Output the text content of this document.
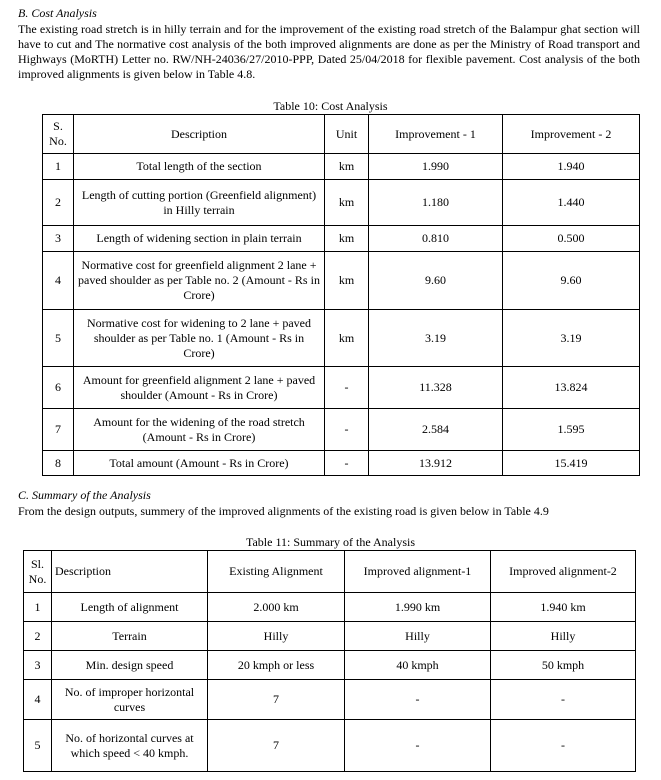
B. Cost Analysis
The existing road stretch is in hilly terrain and for the improvement of the existing road stretch of the Balampur ghat section will have to cut and The normative cost analysis of the both improved alignments are done as per the Ministry of Road transport and Highways (MoRTH) Letter no. RW/NH-24036/27/2010-PPP, Dated 25/04/2018 for flexible pavement. Cost analysis of the both improved alignments is given below in Table 4.8.
Table 10: Cost Analysis
S. No.	Description	Unit	Improvement - 1	Improvement - 2
1	Total length of the section	km	1.990	1.940
2	Length of cutting portion (Greenfield alignment) in Hilly terrain	km	1.180	1.440
3	Length of widening section in plain terrain	km	0.810	0.500
4	Normative cost for greenfield alignment 2 lane + paved shoulder as per Table no. 2 (Amount - Rs in Crore)	km	9.60	9.60
5	Normative cost for widening to 2 lane + paved shoulder as per Table no. 1 (Amount - Rs in Crore)	km	3.19	3.19
6	Amount for greenfield alignment 2 lane + paved shoulder (Amount - Rs in Crore)	-	11.328	13.824
7	Amount for the widening of the road stretch (Amount - Rs in Crore)	-	2.584	1.595
8	Total amount (Amount - Rs in Crore)	-	13.912	15.419
C. Summary of the Analysis
From the design outputs, summery of the improved alignments of the existing road is given below in Table 4.9
Table 11: Summary of the Analysis
Sl. No.	Description	Existing Alignment	Improved alignment-1	Improved alignment-2
1	Length of alignment	2.000 km	1.990 km	1.940 km
2	Terrain	Hilly	Hilly	Hilly
3	Min. design speed	20 kmph or less	40 kmph	50 kmph
4	No. of improper horizontal curves	7	-	-
5	No. of horizontal curves at which speed < 40 kmph.	7	-	-
